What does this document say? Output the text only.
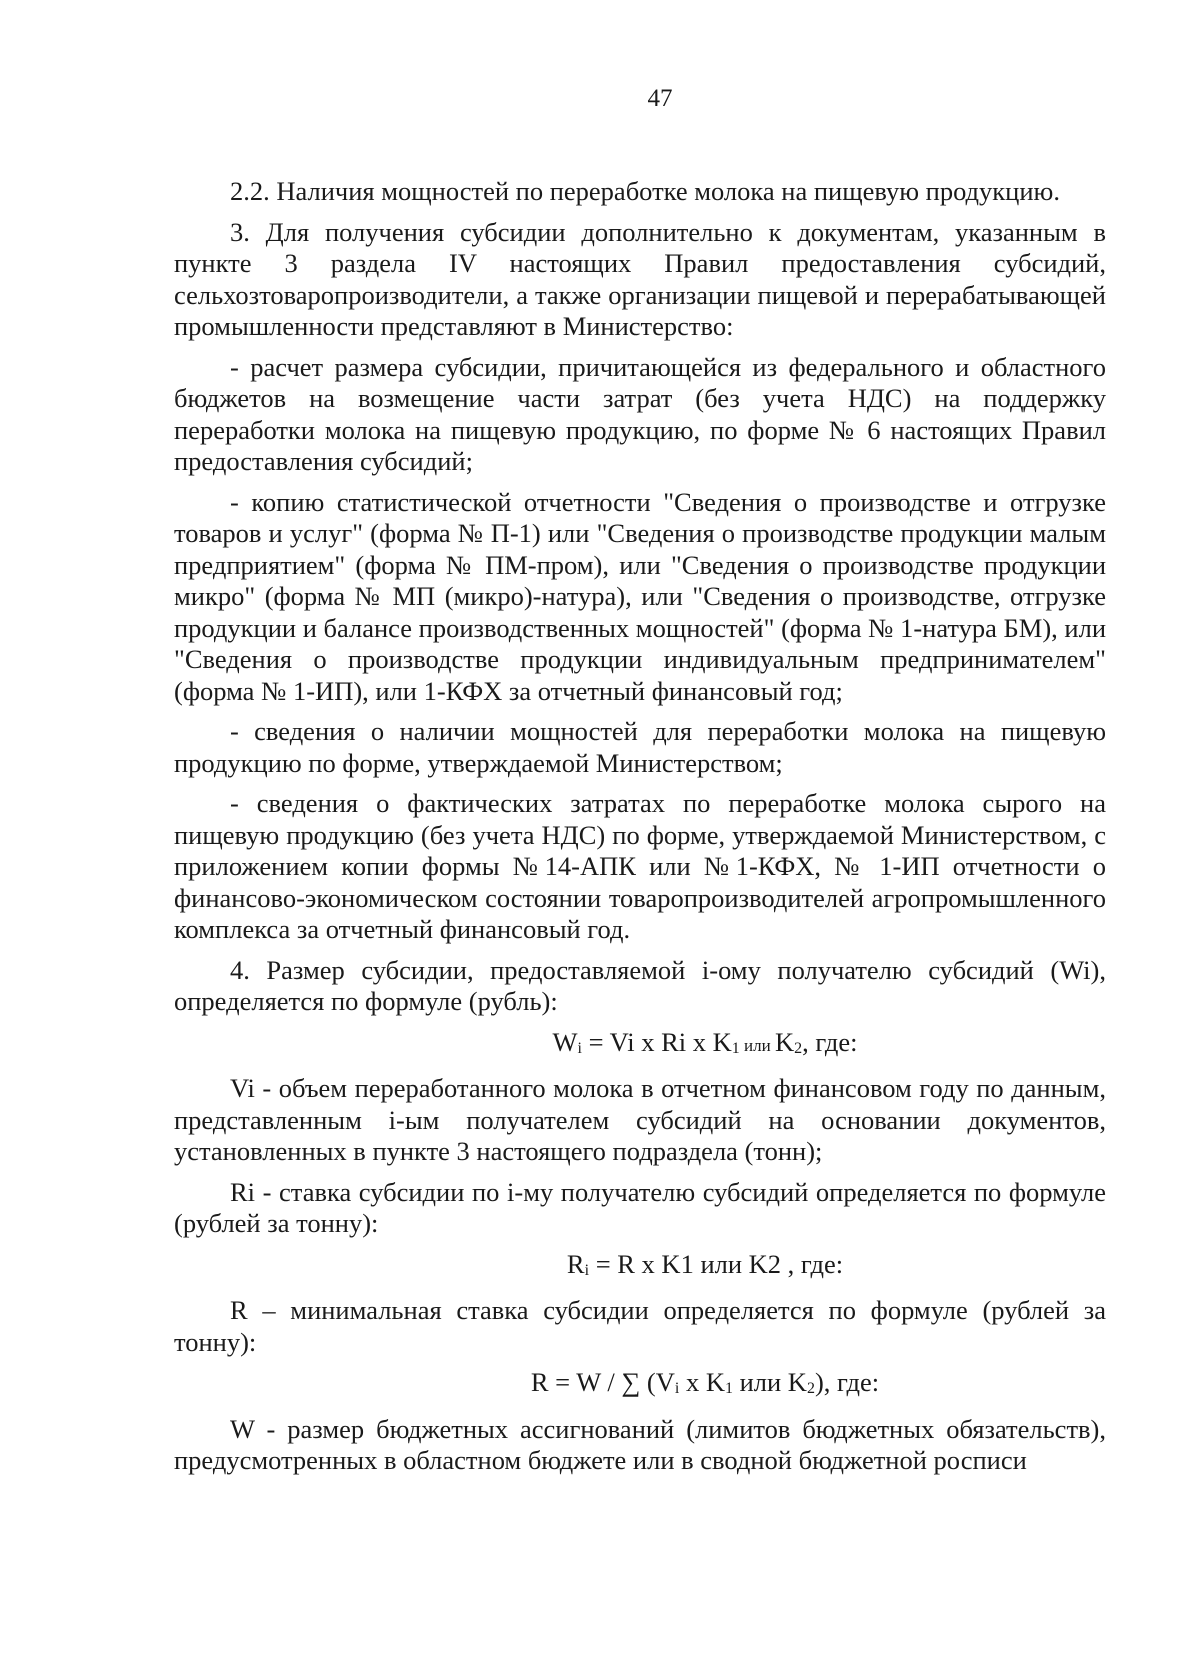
47

2.2. Наличия мощностей по переработке молока на пищевую продукцию.

3. Для получения субсидии дополнительно к документам, указанным в пункте 3 раздела IV настоящих Правил предоставления субсидий, сельхозтоваропроизводители, а также организации пищевой и перерабатывающей промышленности представляют в Министерство:

- расчет размера субсидии, причитающейся из федерального и областного бюджетов на возмещение части затрат (без учета НДС) на поддержку переработки молока на пищевую продукцию, по форме № 6 настоящих Правил предоставления субсидий;

- копию статистической отчетности "Сведения о производстве и отгрузке товаров и услуг" (форма № П-1) или "Сведения о производстве продукции малым предприятием" (форма № ПМ-пром), или "Сведения о производстве продукции микро" (форма № МП (микро)-натура), или "Сведения о производстве, отгрузке продукции и балансе производственных мощностей" (форма № 1-натура БМ), или "Сведения о производстве продукции индивидуальным предпринимателем" (форма № 1-ИП), или 1-КФХ за отчетный финансовый год;

- сведения о наличии мощностей для переработки молока на пищевую продукцию по форме, утверждаемой Министерством;

- сведения о фактических затратах по переработке молока сырого на пищевую продукцию (без учета НДС) по форме, утверждаемой Министерством, с приложением копии формы №14-АПК или №1-КФХ, № 1-ИП отчетности о финансово-экономическом состоянии товаропроизводителей агропромышленного комплекса за отчетный финансовый год.

4. Размер субсидии, предоставляемой i-ому получателю субсидий (Wi), определяется по формуле (рубль):

Wi = Vi x Ri x K1 или K2, где:

Vi - объем переработанного молока в отчетном финансовом году по данным, представленным i-ым получателем субсидий на основании документов, установленных в пункте 3 настоящего подраздела (тонн);

Ri - ставка субсидии по i-му получателю субсидий определяется по формуле (рублей за тонну):

Ri = R x K1 или K2 , где:

R – минимальная ставка субсидии определяется по формуле (рублей за тонну):

R = W / ∑ (Vi x K1 или K2), где:

W - размер бюджетных ассигнований (лимитов бюджетных обязательств), предусмотренных в областном бюджете или в сводной бюджетной росписи
